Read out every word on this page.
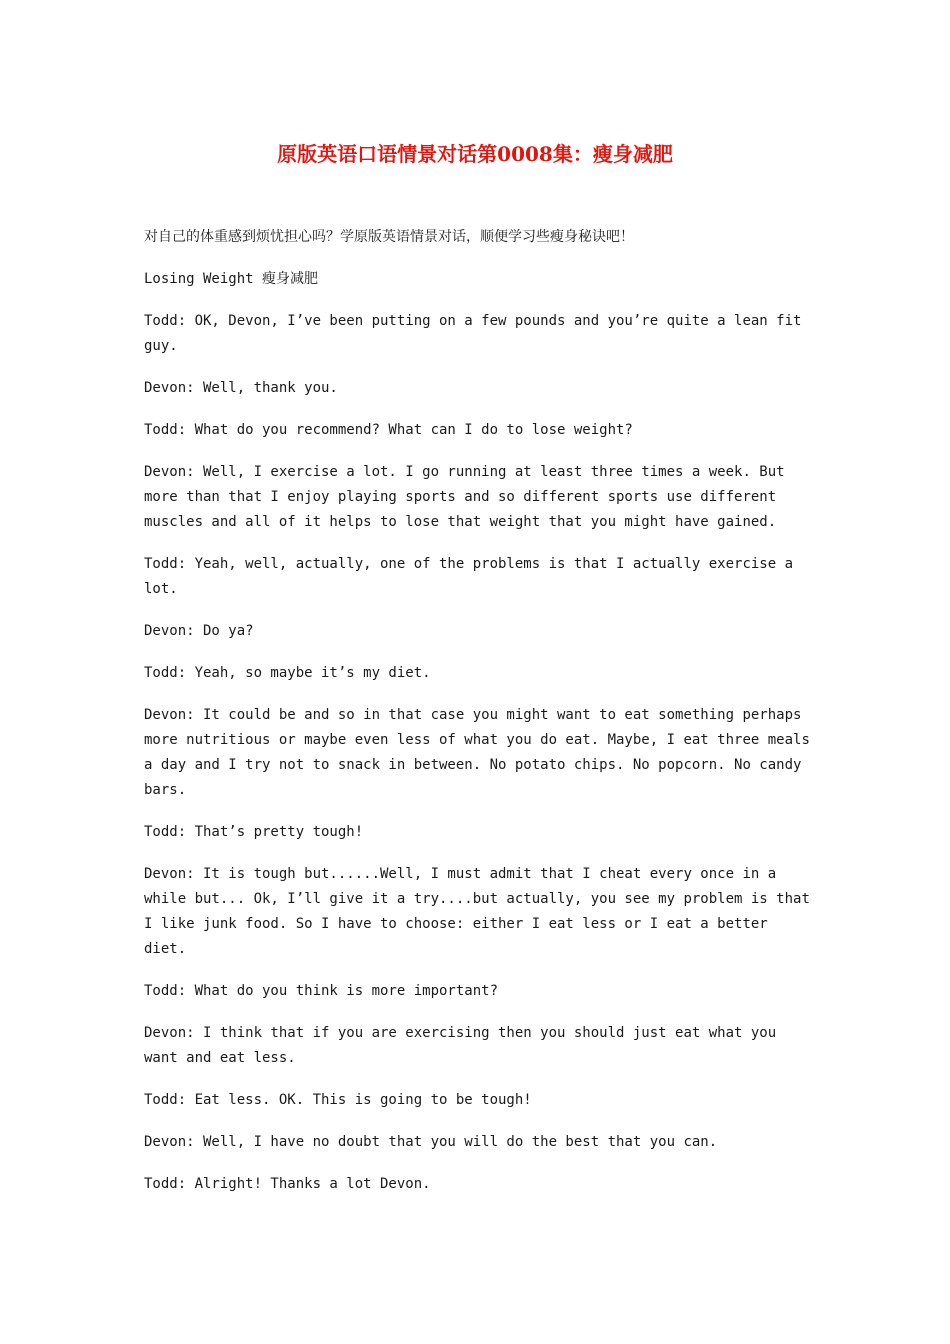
原版英语口语情景对话第0008集：瘦身减肥

对自己的体重感到烦忧担心吗？学原版英语情景对话，顺便学习些瘦身秘诀吧！

Losing Weight 瘦身减肥

Todd: OK, Devon, I’ve been putting on a few pounds and you’re quite a lean fit guy.

Devon: Well, thank you.

Todd: What do you recommend? What can I do to lose weight?

Devon: Well, I exercise a lot. I go running at least three times a week. But more than that I enjoy playing sports and so different sports use different muscles and all of it helps to lose that weight that you might have gained.

Todd: Yeah, well, actually, one of the problems is that I actually exercise a lot.

Devon: Do ya?

Todd: Yeah, so maybe it’s my diet.

Devon: It could be and so in that case you might want to eat something perhaps more nutritious or maybe even less of what you do eat. Maybe, I eat three meals a day and I try not to snack in between. No potato chips. No popcorn. No candy bars.

Todd: That’s pretty tough!

Devon: It is tough but......Well, I must admit that I cheat every once in a while but... Ok, I’ll give it a try....but actually, you see my problem is that I like junk food. So I have to choose: either I eat less or I eat a better diet.

Todd: What do you think is more important?

Devon: I think that if you are exercising then you should just eat what you want and eat less.

Todd: Eat less. OK. This is going to be tough!

Devon: Well, I have no doubt that you will do the best that you can.

Todd: Alright! Thanks a lot Devon.
